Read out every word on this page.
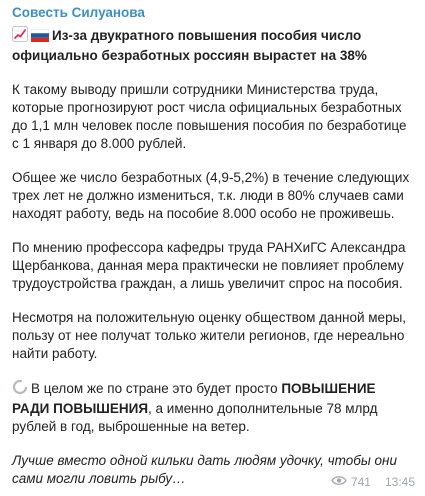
Совесть Силуанова
Из-за двукратного повышения пособия число официально безработных россиян вырастет на 38%
К такому выводу пришли сотрудники Министерства труда, которые прогнозируют рост числа официальных безработных до 1,1 млн человек после повышения пособия по безработице с 1 января до 8.000 рублей.
Общее же число безработных (4,9-5,2%) в течение следующих трех лет не должно измениться, т.к. люди в 80% случаев сами находят работу, ведь на пособие 8.000 особо не проживешь.
По мнению профессора кафедры труда РАНХиГС Александра Щербанкова, данная мера практически не повлияет проблему трудоустройства граждан, а лишь увеличит спрос на пособия.
Несмотря на положительную оценку обществом данной меры, пользу от нее получат только жители регионов, где нереально найти работу.
В целом же по стране это будет просто ПОВЫШЕНИЕ РАДИ ПОВЫШЕНИЯ, а именно дополнительные 78 млрд рублей в год, выброшенные на ветер.
Лучше вместо одной кильки дать людям удочку, чтобы они сами могли ловить рыбу…	741 13:45
